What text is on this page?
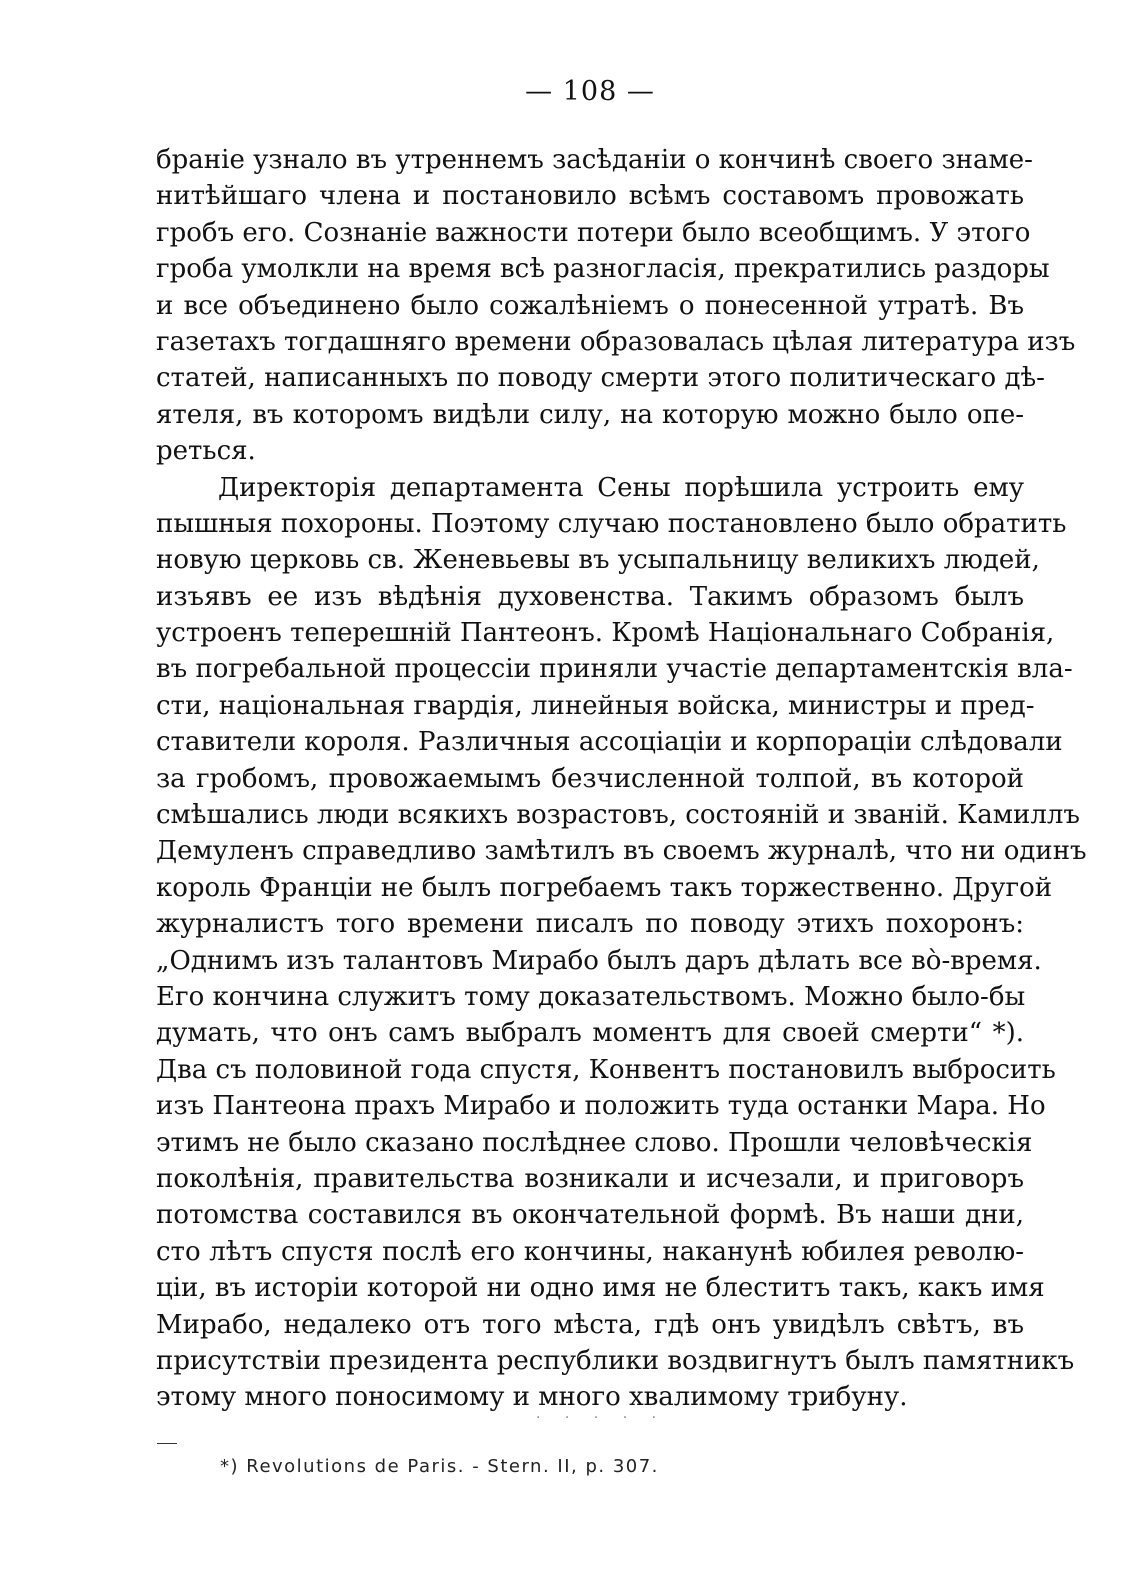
— 108 —
браніе узнало въ утреннемъ засѣданіи о кончинѣ своего знаме-
нитѣйшаго члена и постановило всѣмъ составомъ провожать
гробъ его. Сознаніе важности потери было всеобщимъ. У этого
гроба умолкли на время всѣ разногласія, прекратились раздоры
и все объединено было сожалѣніемъ о понесенной утратѣ. Въ
газетахъ тогдашняго времени образовалась цѣлая литература изъ
статей, написанныхъ по поводу смерти этого политическаго дѣ-
ятеля, въ которомъ видѣли силу, на которую можно было опе-
реться.
Директорія департамента Сены порѣшила устроить ему
пышныя похороны. Поэтому случаю постановлено было обратить
новую церковь св. Женевьевы въ усыпальницу великихъ людей,
изъявъ ее изъ вѣдѣнія духовенства. Такимъ образомъ былъ
устроенъ теперешній Пантеонъ. Кромѣ Національнаго Собранія,
въ погребальной процессіи приняли участіе департаментскія вла-
сти, національная гвардія, линейныя войска, министры и пред-
ставители короля. Различныя ассоціаціи и корпораціи слѣдовали
за гробомъ, провожаемымъ безчисленной толпой, въ которой
смѣшались люди всякихъ возрастовъ, состояній и званій. Камиллъ
Демуленъ справедливо замѣтилъ въ своемъ журналѣ, что ни одинъ
король Франціи не былъ погребаемъ такъ торжественно. Другой
журналистъ того времени писалъ по поводу этихъ похоронъ:
„Однимъ изъ талантовъ Мирабо былъ даръ дѣлать все во̀-время.
Его кончина служитъ тому доказательствомъ. Можно было-бы
думать, что онъ самъ выбралъ моментъ для своей смерти“ *).
Два съ половиной года спустя, Конвентъ постановилъ выбросить
изъ Пантеона прахъ Мирабо и положить туда останки Мара. Но
этимъ не было сказано послѣднее слово. Прошли человѣческія
поколѣнія, правительства возникали и исчезали, и приговоръ
потомства составился въ окончательной формѣ. Въ наши дни,
сто лѣтъ спустя послѣ его кончины, наканунѣ юбилея револю-
ціи, въ исторіи которой ни одно имя не блеститъ такъ, какъ имя
Мирабо, недалеко отъ того мѣста, гдѣ онъ увидѣлъ свѣтъ, въ
присутствіи президента республики воздвигнутъ былъ памятникъ
этому много поносимому и много хвалимому трибуну.
· · · · ·
*) Revolutions de Paris. - Stern. II, p. 307.
